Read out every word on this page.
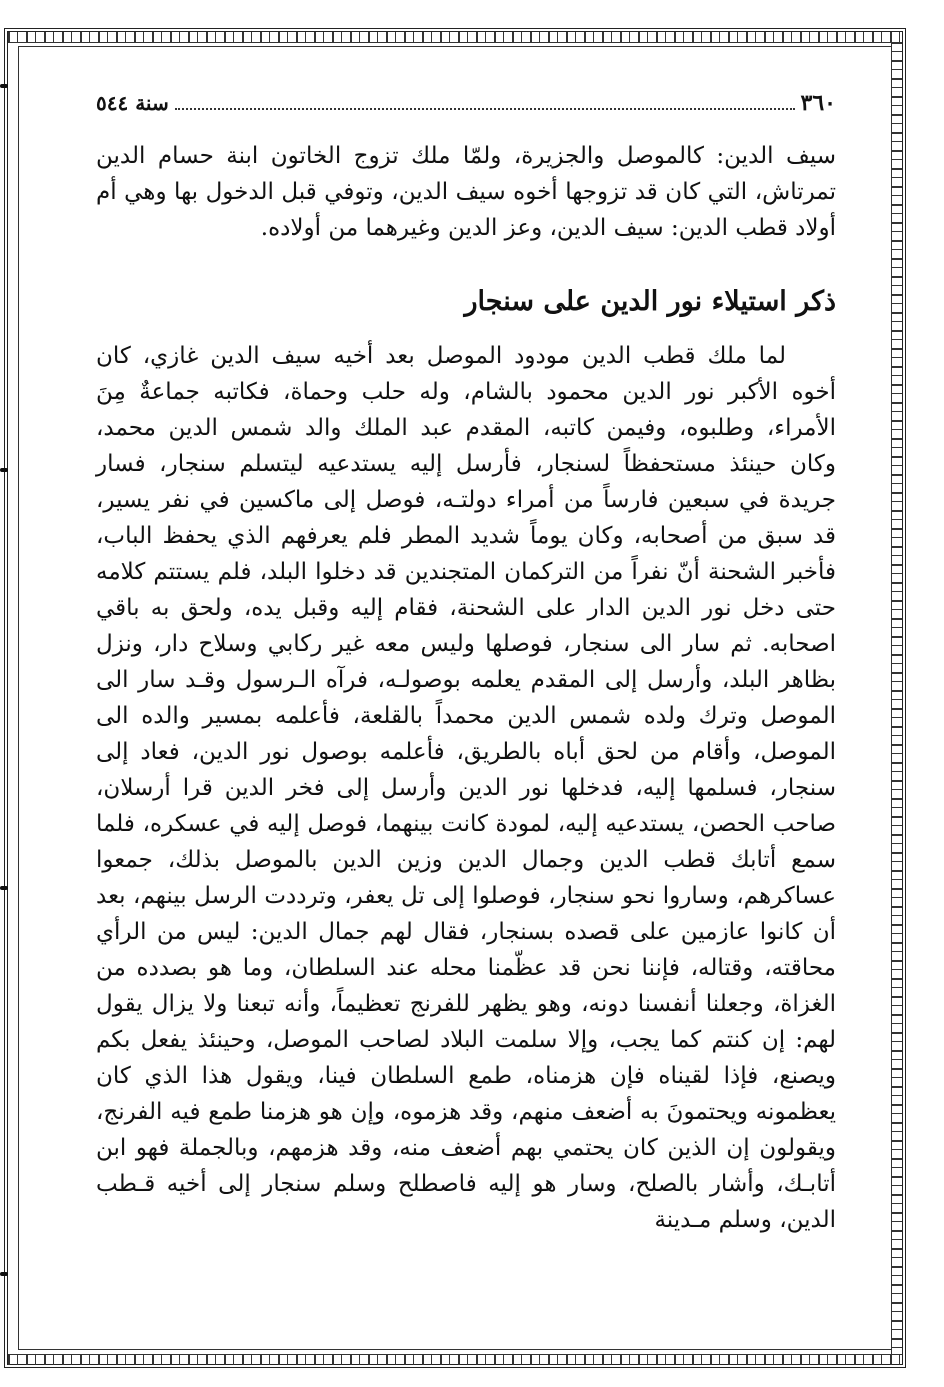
٣٦٠
سنة ٥٤٤

سيف الدين: كالموصل والجزيرة، ولمّا ملك تزوج الخاتون ابنة حسام الدين تمرتاش، التي كان قد تزوجها أخوه سيف الدين، وتوفي قبل الدخول بها وهي أم أولاد قطب الدين: سيف الدين، وعز الدين وغيرهما من أولاده.

ذكر استيلاء نور الدين على سنجار

لما ملك قطب الدين مودود الموصل بعد أخيه سيف الدين غازي، كان أخوه الأكبر نور الدين محمود بالشام، وله حلب وحماة، فكاتبه جماعةٌ مِنَ الأمراء، وطلبوه، وفيمن كاتبه، المقدم عبد الملك والد شمس الدين محمد، وكان حينئذ مستحفظاً لسنجار، فأرسل إليه يستدعيه ليتسلم سنجار، فسار جريدة في سبعين فارساً من أمراء دولتـه، فوصل إلى ماكسين في نفر يسير، قد سبق من أصحابه، وكان يوماً شديد المطر فلم يعرفهم الذي يحفظ الباب، فأخبر الشحنة أنّ نفراً من التركمان المتجندين قد دخلوا البلد، فلم يستتم كلامه حتى دخل نور الدين الدار على الشحنة، فقام إليه وقبل يده، ولحق به باقي اصحابه. ثم سار الى سنجار، فوصلها وليس معه غير ركابي وسلاح دار، ونزل بظاهر البلد، وأرسل إلى المقدم يعلمه بوصولـه، فرآه الـرسول وقـد سار الى الموصل وترك ولده شمس الدين محمداً بالقلعة، فأعلمه بمسير والده الى الموصل، وأقام من لحق أباه بالطريق، فأعلمه بوصول نور الدين، فعاد إلى سنجار، فسلمها إليه، فدخلها نور الدين وأرسل إلى فخر الدين قرا أرسلان، صاحب الحصن، يستدعيه إليه، لمودة كانت بينهما، فوصل إليه في عسكره، فلما سمع أتابك قطب الدين وجمال الدين وزين الدين بالموصل بذلك، جمعوا عساكرهم، وساروا نحو سنجار، فوصلوا إلى تل يعفر، وترددت الرسل بينهم، بعد أن كانوا عازمين على قصده بسنجار، فقال لهم جمال الدين: ليس من الرأي محاقته، وقتاله، فإننا نحن قد عظّمنا محله عند السلطان، وما هو بصدده من الغزاة، وجعلنا أنفسنا دونه، وهو يظهر للفرنج تعظيماً، وأنه تبعنا ولا يزال يقول لهم: إن كنتم كما يجب، وإلا سلمت البلاد لصاحب الموصل، وحينئذ يفعل بكم ويصنع، فإذا لقيناه فإن هزمناه، طمع السلطان فينا، ويقول هذا الذي كان يعظمونه ويحتمونَ به أضعف منهم، وقد هزموه، وإن هو هزمنا طمع فيه الفرنج، ويقولون إن الذين كان يحتمي بهم أضعف منه، وقد هزمهم، وبالجملة فهو ابن أتابـك، وأشار بالصلح، وسار هو إليه فاصطلح وسلم سنجار إلى أخيه قـطب الدين، وسلم مـدينة
